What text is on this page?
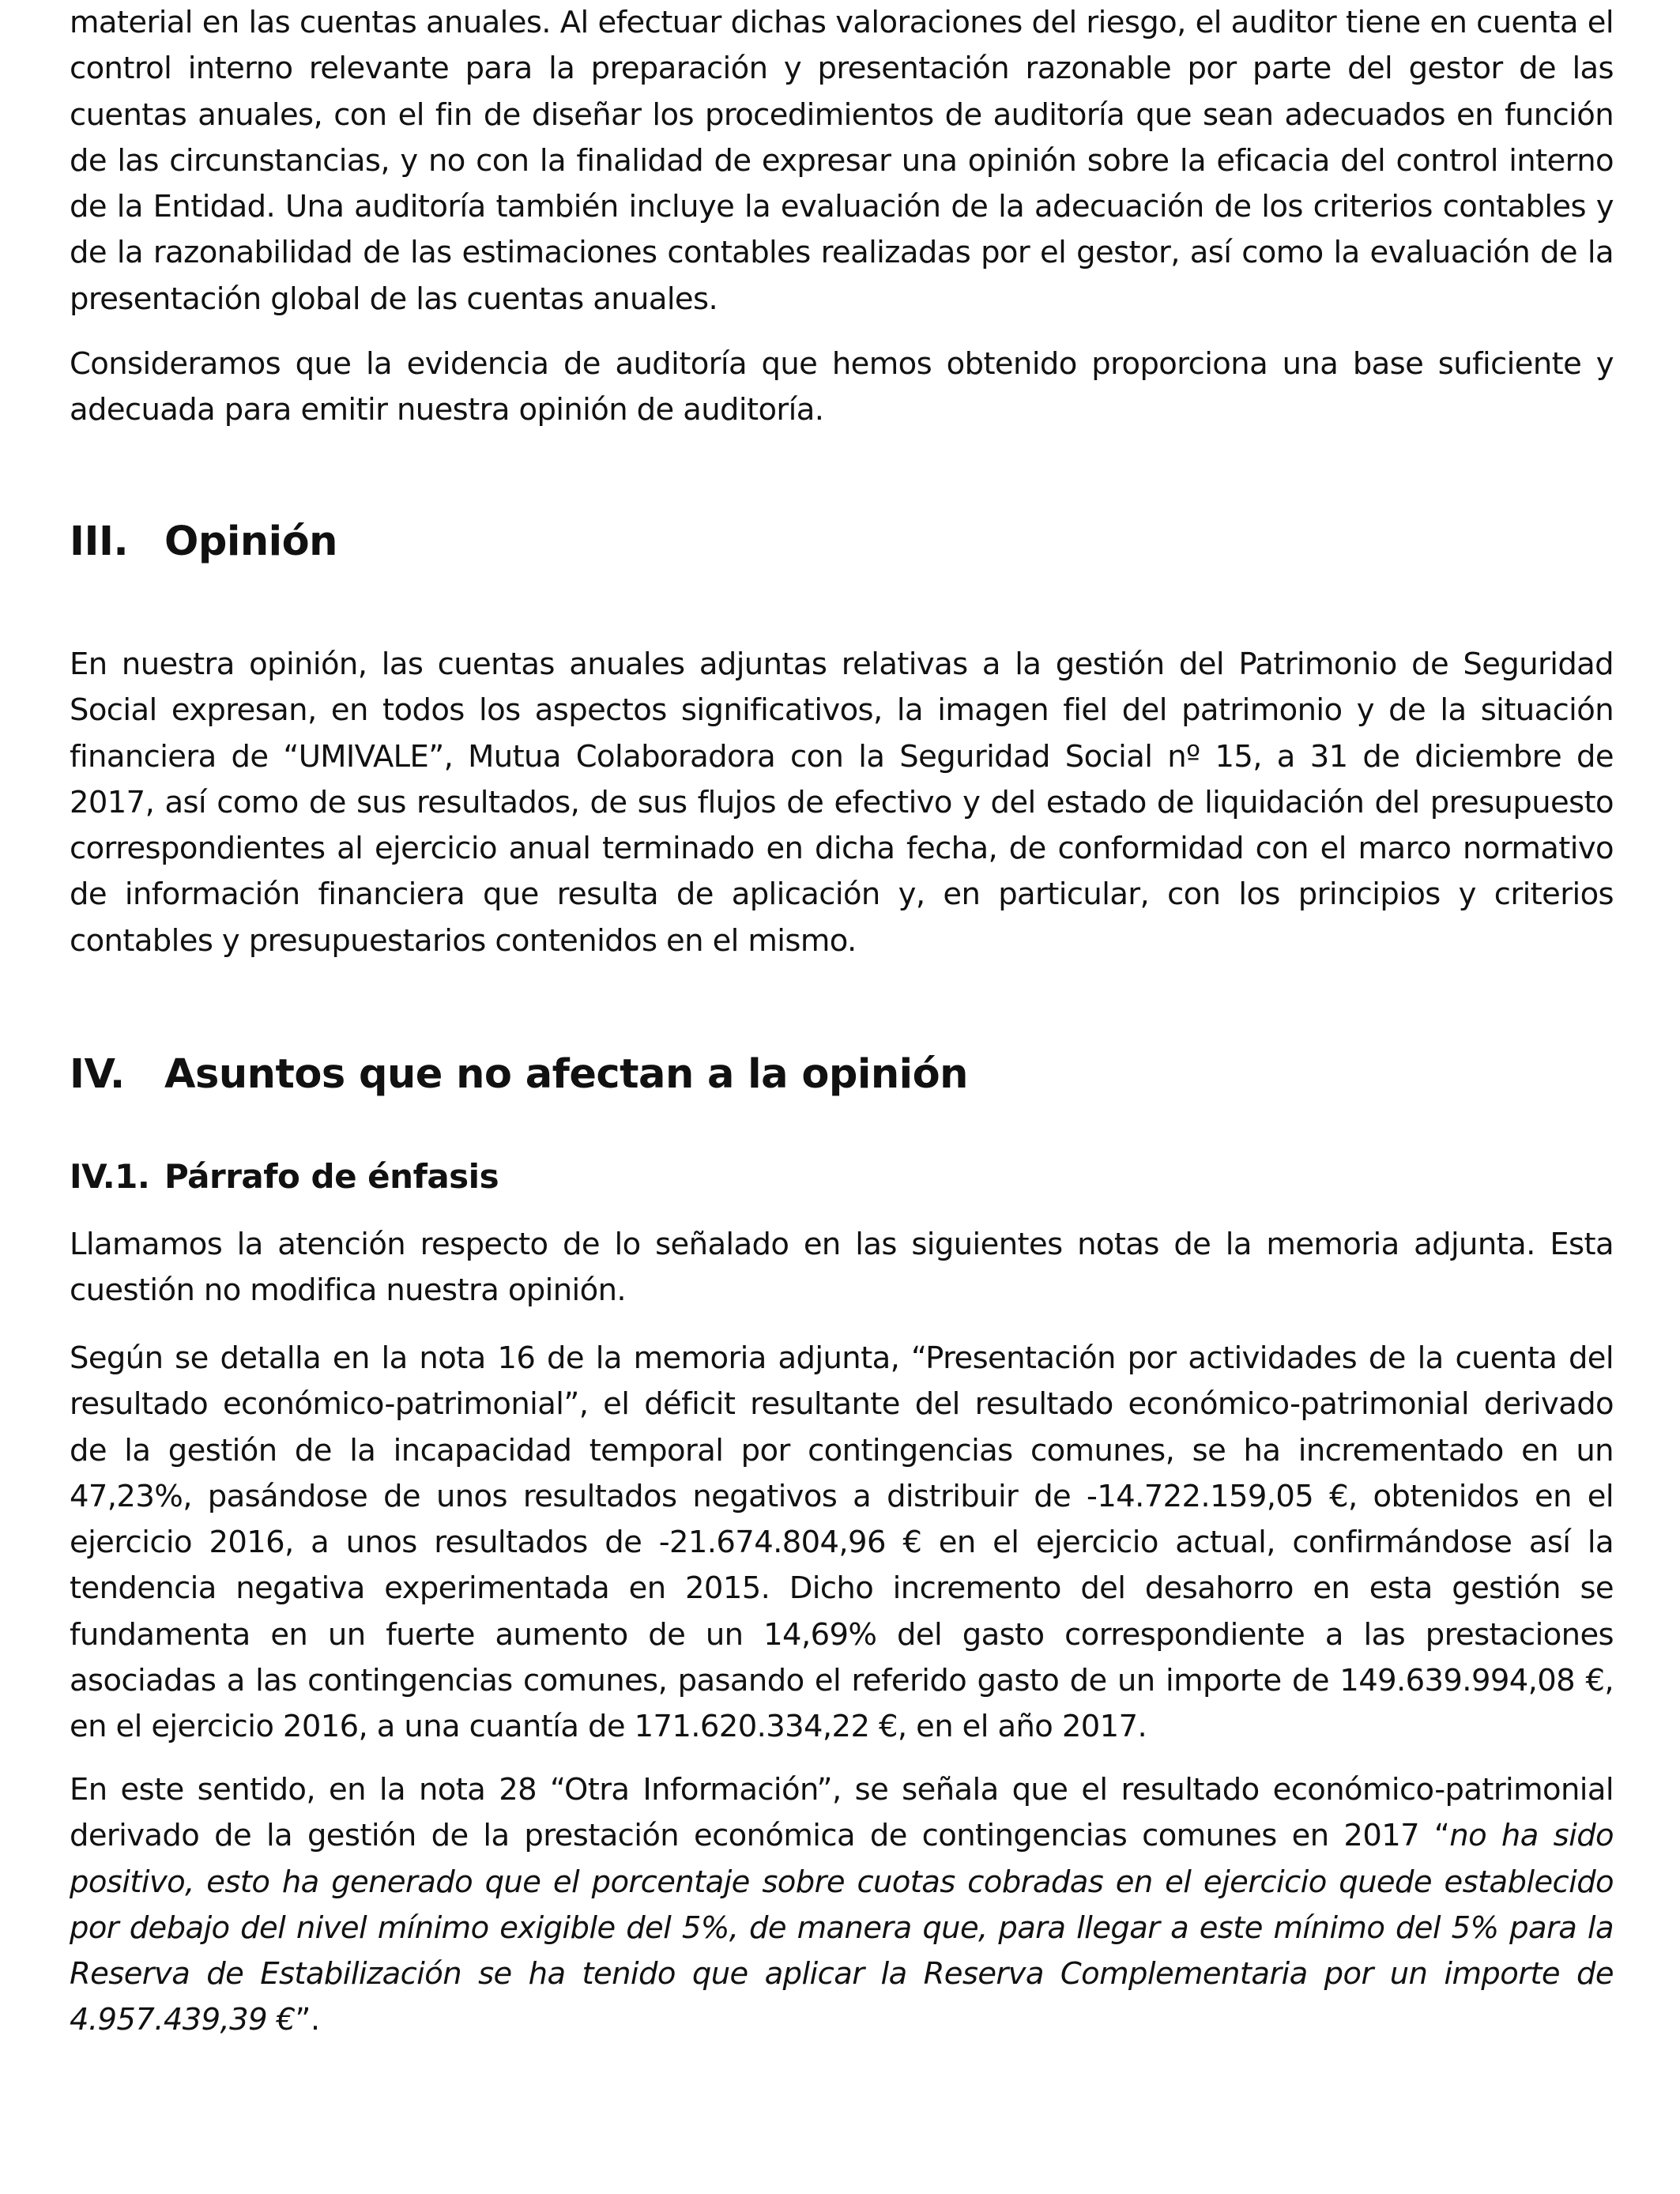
material en las cuentas anuales. Al efectuar dichas valoraciones del riesgo, el auditor tiene en cuenta el control interno relevante para la preparación y presentación razonable por parte del gestor de las cuentas anuales, con el fin de diseñar los procedimientos de auditoría que sean adecuados en función de las circunstancias, y no con la finalidad de expresar una opinión sobre la eficacia del control interno de la Entidad. Una auditoría también incluye la evaluación de la adecuación de los criterios contables y de la razonabilidad de las estimaciones contables realizadas por el gestor, así como la evaluación de la presentación global de las cuentas anuales.

Consideramos que la evidencia de auditoría que hemos obtenido proporciona una base suficiente y adecuada para emitir nuestra opinión de auditoría.

III. Opinión

En nuestra opinión, las cuentas anuales adjuntas relativas a la gestión del Patrimonio de Seguridad Social expresan, en todos los aspectos significativos, la imagen fiel del patrimonio y de la situación financiera de “UMIVALE”, Mutua Colaboradora con la Seguridad Social nº 15, a 31 de diciembre de 2017, así como de sus resultados, de sus flujos de efectivo y del estado de liquidación del presupuesto correspondientes al ejercicio anual terminado en dicha fecha, de conformidad con el marco normativo de información financiera que resulta de aplicación y, en particular, con los principios y criterios contables y presupuestarios contenidos en el mismo.

IV. Asuntos que no afectan a la opinión
IV.1. Párrafo de énfasis

Llamamos la atención respecto de lo señalado en las siguientes notas de la memoria adjunta. Esta cuestión no modifica nuestra opinión.

Según se detalla en la nota 16 de la memoria adjunta, “Presentación por actividades de la cuenta del resultado económico-patrimonial”, el déficit resultante del resultado económico-patrimonial derivado de la gestión de la incapacidad temporal por contingencias comunes, se ha incrementado en un 47,23%, pasándose de unos resultados negativos a distribuir de -14.722.159,05 €, obtenidos en el ejercicio 2016, a unos resultados de -21.674.804,96 € en el ejercicio actual, confirmándose así la tendencia negativa experimentada en 2015. Dicho incremento del desahorro en esta gestión se fundamenta en un fuerte aumento de un 14,69% del gasto correspondiente a las prestaciones asociadas a las contingencias comunes, pasando el referido gasto de un importe de 149.639.994,08 €, en el ejercicio 2016, a una cuantía de 171.620.334,22 €, en el año 2017.

En este sentido, en la nota 28 “Otra Información”, se señala que el resultado económico-patrimonial derivado de la gestión de la prestación económica de contingencias comunes en 2017 “no ha sido positivo, esto ha generado que el porcentaje sobre cuotas cobradas en el ejercicio quede establecido por debajo del nivel mínimo exigible del 5%, de manera que, para llegar a este mínimo del 5% para la Reserva de Estabilización se ha tenido que aplicar la Reserva Complementaria por un importe de 4.957.439,39 €”.
